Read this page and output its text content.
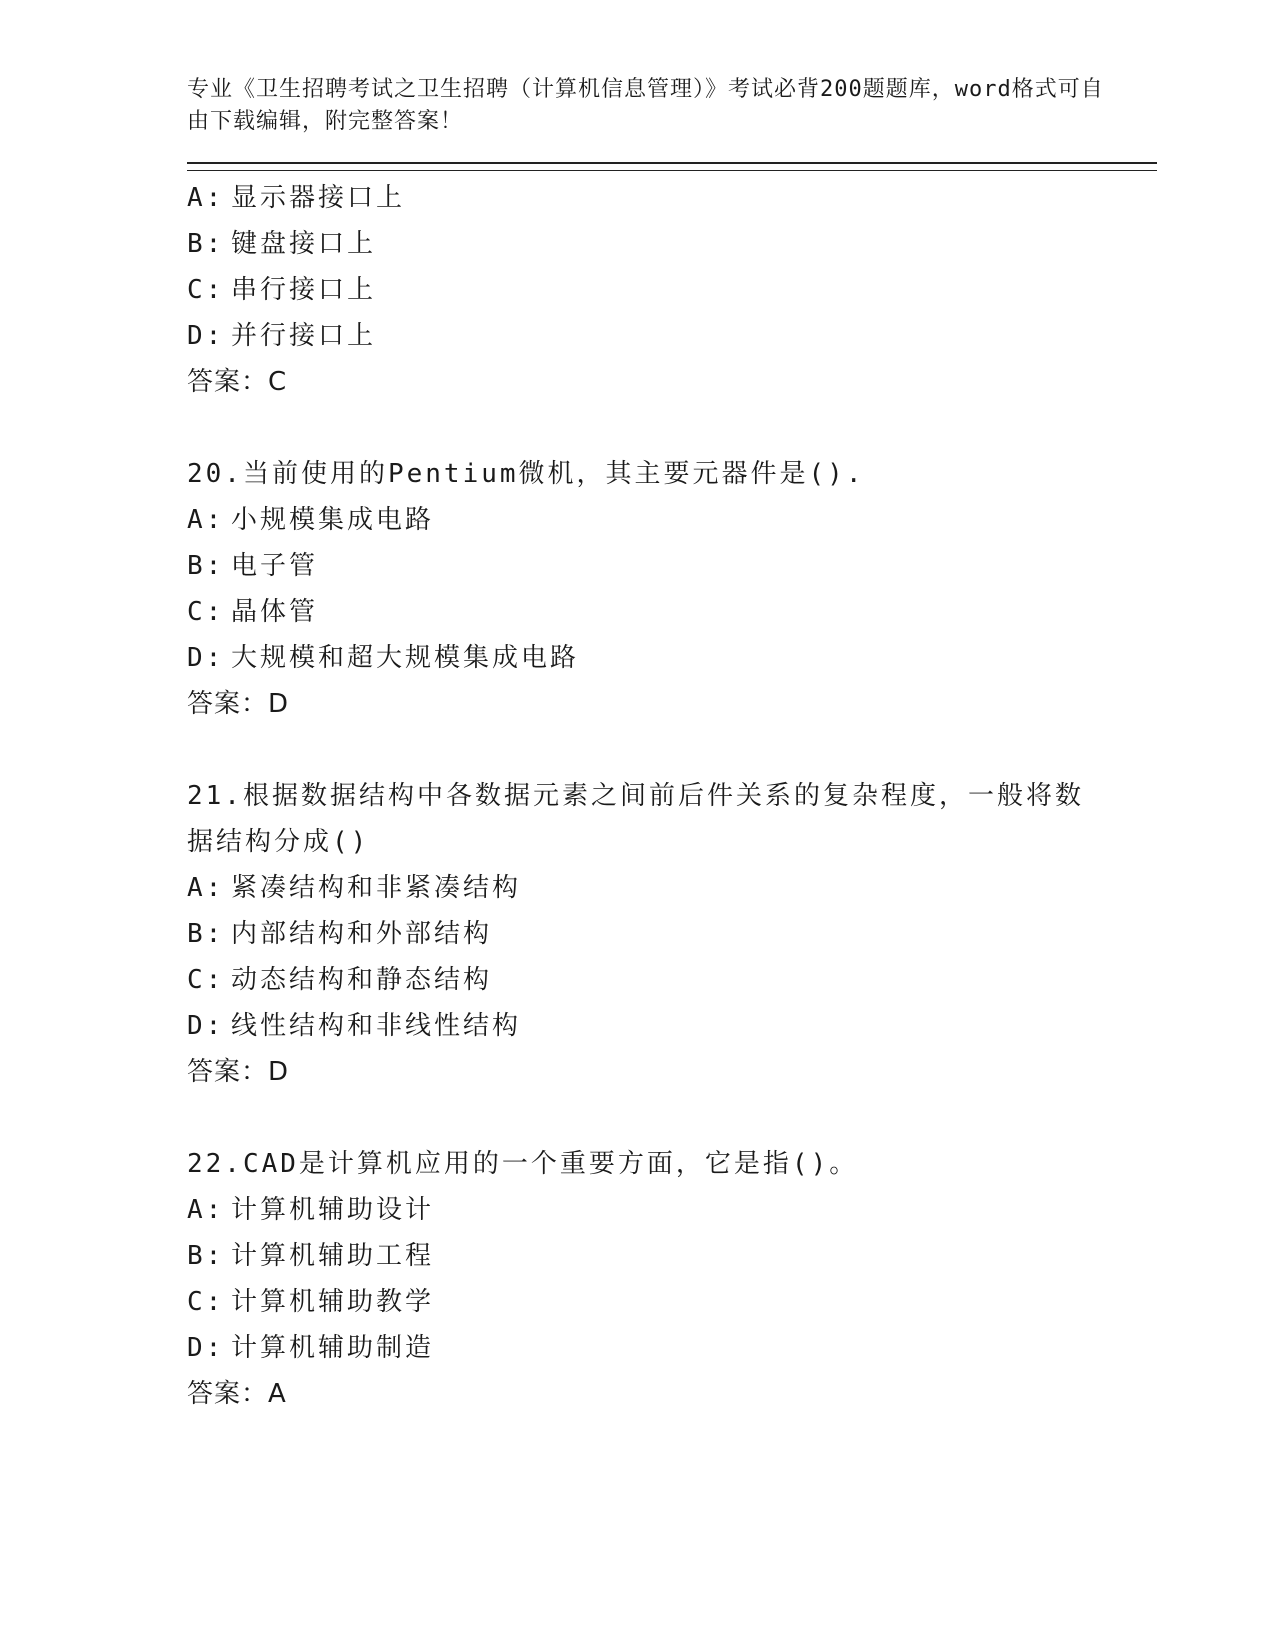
专业《卫生招聘考试之卫生招聘（计算机信息管理）》考试必背200题题库，word格式可自由下载编辑，附完整答案！
A: 显示器接口上
B: 键盘接口上
C: 串行接口上
D: 并行接口上
答案：C
20.当前使用的Pentium微机，其主要元器件是().
A: 小规模集成电路
B: 电子管
C: 晶体管
D: 大规模和超大规模集成电路
答案：D
21.根据数据结构中各数据元素之间前后件关系的复杂程度，一般将数据结构分成()
A: 紧凑结构和非紧凑结构
B: 内部结构和外部结构
C: 动态结构和静态结构
D: 线性结构和非线性结构
答案：D
22.CAD是计算机应用的一个重要方面，它是指()。
A: 计算机辅助设计
B: 计算机辅助工程
C: 计算机辅助教学
D: 计算机辅助制造
答案：A
